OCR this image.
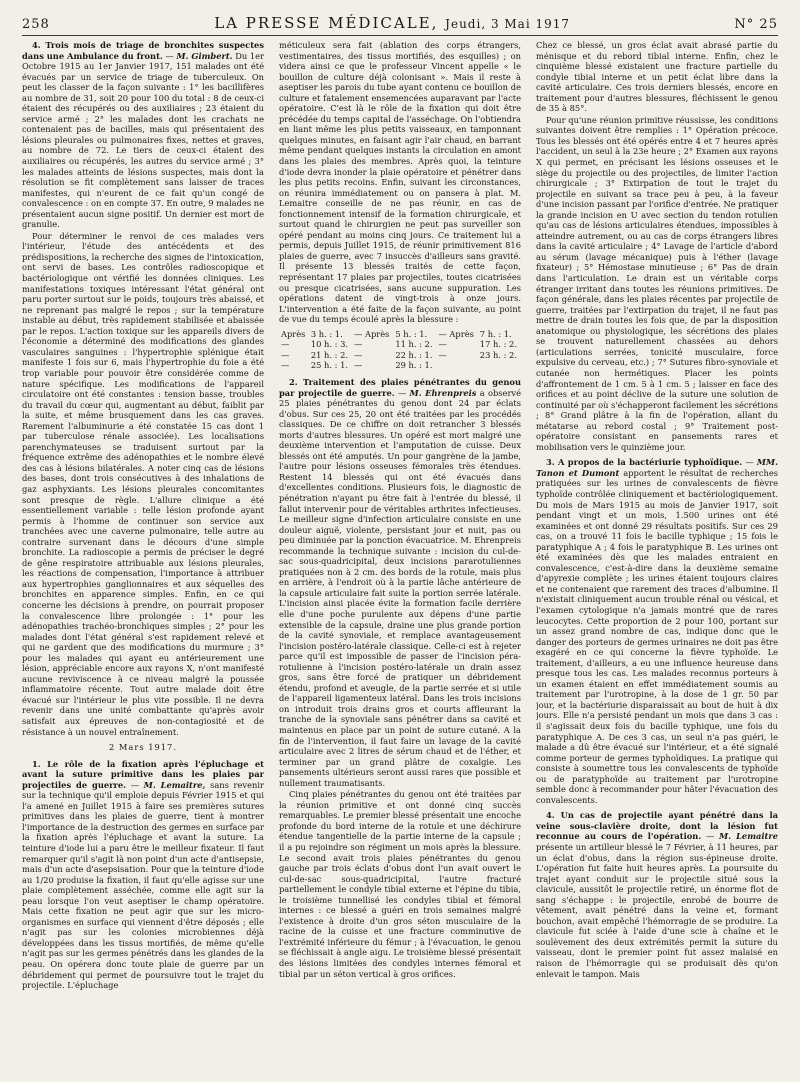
258	LA PRESSE MÉDICALE, Jeudi, 3 Mai 1917	N° 25

4. Trois mois de triage de bronchites suspectes dans une Ambulance du front. — M. Gimbert. Du 1er Octobre 1915 au 1er Janvier 1917, 151 malades ont été évacués par un service de triage de tuberculeux. On peut les classer de la façon suivante : 1° les bacillifères au nombre de 31, soit 20 pour 100 du total : 8 de ceux-ci étaient des récupérés ou des auxiliaires ; 23 étaient du service armé ; 2° les malades dont les crachats ne contenaient pas de bacilles, mais qui présentaient des lésions pleurales ou pulmonaires fixes, nettes et graves, au nombre de 72. Le tiers de ceux-ci étaient des auxiliaires ou récupérés, les autres du service armé ; 3° les malades atteints de lésions suspectes, mais dont la résolution se fit complètement sans laisser de traces manifestes, qui n'eurent de ce fait qu'un congé de convalescence : on en compte 37. En outre, 9 malades ne présentaient aucun signe positif. Un dernier est mort de granulie.

Pour déterminer le renvoi de ces malades vers l'intérieur, l'étude des antécédents et des prédispositions, la recherche des signes de l'intoxication, ont servi de bases. Les contrôles radioscopique et bactériologique ont vérifié les données cliniques. Les manifestations toxiques intéressant l'état général ont paru porter surtout sur le poids, toujours très abaissé, et ne reprenant pas malgré le repos ; sur la température instable au début, très rapidement stabilisée et abaissée par le repos. L'action toxique sur les appareils divers de l'économie a déterminé des modifications des glandes vasculaires sanguines : l'hypertrophie splénique était manifeste 1 fois sur 6, mais l'hypertrophie du foie a été trop variable pour pouvoir être considérée comme de nature spécifique. Les modifications de l'appareil circulatoire ont été constantes : tension basse, troubles du travail du cœur qui, augmentant au début, faiblit par la suite, et même brusquement dans les cas graves. Rarement l'albuminurie a été constatée 15 cas dont 1 par tuberculose rénale associée). Les localisations parenchymateuses se traduisent surtout par la fréquence extrême des adénopathies et le nombre élevé des cas à lésions bilatérales. A noter cinq cas de lésions des bases, dont trois consécutives à des inhalations de gaz asphyxiants. Les lésions pleurales concomitantes sont presque de règle. L'allure clinique a été essentiellement variable : telle lésion profonde ayant permis à l'homme de continuer son service aux tranchées avec une caverne pulmonaire, telle autre au contraire survenant dans le décours d'une simple bronchite. La radioscopie a permis de préciser le degré de gêne respiratoire attribuable aux lésions pleurales, les réactions de compensation, l'importance à attribuer aux hypertrophies ganglionnaires et aux séquelles des bronchites en apparence simples. Enfin, en ce qui concerne les décisions à prendre, on pourrait proposer la convalescence libre prolongée : 1° pour les adénopathies trachéo-bronchiques simples ; 2° pour les malades dont l'état général s'est rapidement relevé et qui ne gardent que des modifications du murmure ; 3° pour les malades qui ayant eu antérieurement une lésion, appréciable encore aux rayons X, n'ont manifesté aucune reviviscence à ce niveau malgré la poussée inflammatoire récente. Tout autre malade doit être évacué sur l'intérieur le plus vite possible. Il ne devra revenir dans une unité combattante qu'après avoir satisfait aux épreuves de non-contagiosité et de résistance à un nouvel entraînement.

2 Mars 1917.

1. Le rôle de la fixation après l'épluchage et avant la suture primitive dans les plaies par projectiles de guerre. — M. Lemaitre, sans revenir sur la technique qu'il emploie depuis Février 1915 et qui l'a amené en Juillet 1915 à faire ses premières sutures primitives dans les plaies de guerre, tient à montrer l'importance de la destruction des germes en surface par la fixation après l'épluchage et avant la suture. La teinture d'iode lui a paru être le meilleur fixateur. Il faut remarquer qu'il s'agit là non point d'un acte d'antisepsie, mais d'un acte d'asepsisation. Pour que la teinture d'iode au 1/20 produise la fixation, il faut qu'elle agisse sur une plaie complètement asséchée, comme elle agit sur la peau lorsque l'on veut aseptiser le champ opératoire. Mais cette fixation ne peut agir que sur les micro-organismes en surface qui viennent d'être déposés ; elle n'agit pas sur les colonies microbiennes déjà développées dans les tissus mortifiés, de même qu'elle n'agit pas sur les germes pénétrés dans les glandes de la peau. On opérera donc toute plaie de guerre par un débridement qui permet de poursuivre tout le trajet du projectile. L'épluchage

méticuleux sera fait (ablation des corps étrangers, vestimentaires, des tissus mortifiés, des esquilles) ; on videra ainsi ce que le professeur Vincent appelle « le bouillon de culture déjà colonisant ». Mais il reste à aseptiser les parois du tube ayant contenu ce bouillon de culture et fatalement ensemencées auparavant par l'acte opératoire. C'est là le rôle de la fixation qui doit être précédée du temps capital de l'asséchage. On l'obtiendra en liant même les plus petits vaisseaux, en tamponnant quelques minutes, en faisant agir l'air chaud, en barrant même pendant quelques instants la circulation en amont dans les plaies des membres. Après quoi, la teinture d'iode devra inonder la plaie opératoire et pénétrer dans les plus petits recoins. Enfin, suivant les circonstances, on réunira immédiatement ou on pansera à plat. M. Lemaitre conseille de ne pas réunir, en cas de fonctionnement intensif de la formation chirurgicale, et surtout quand le chirurgien ne peut pas surveiller son opéré pendant au moins cinq jours. Ce traitement lui a permis, depuis Juillet 1915, de réunir primitivement 816 plaies de guerre, avec 7 insuccès d'ailleurs sans gravité. Il présente 13 blessés traités de cette façon, représentant 17 plaies par projectiles, toutes cicatrisées ou presque cicatrisées, sans aucune suppuration. Les opérations datent de vingt-trois à onze jours. L'intervention a été faite de la façon suivante, au point de vue du temps écoulé après la blessure :

Après	3 h. : 1.	— Après	5 h. : 1.	— Après	7 h. : 1.
—	10 h. : 3.	—	11 h. : 2.	—	17 h. : 2.
—	21 h. : 2.	—	22 h. : 1.	—	23 h. : 2.
—	25 h. : 1.	—	29 h. : 1.		

2. Traitement des plaies pénétrantes du genou par projectile de guerre. — M. Ehrenpreis a observé 25 plaies pénétrantes du genou dont 24 par éclats d'obus. Sur ces 25, 20 ont été traitées par les procédés classiques. De ce chiffre on doit retrancher 3 blessés morts d'autres blessures. Un opéré est mort malgré une deuxième intervention et l'amputation de cuisse. Deux blessés ont été amputés. Un pour gangrène de la jambe, l'autre pour lésions osseuses fémorales très étendues. Restent 14 blessés qui ont été évacués dans d'excellentes conditions. Plusieurs fois, le diagnostic de pénétration n'ayant pu être fait à l'entrée du blessé, il fallut intervenir pour de véritables arthrites infectieuses. Le meilleur signe d'infection articulaire consiste en une douleur aiguë, violente, persistant jour et nuit, pas ou peu diminuée par la ponction évacuatrice. M. Ehrenpreis recommande la technique suivante : incision du cul-de-sac sous-quadricipital, deux incisions pararotuliennes pratiquées non à 2 cm. des bords de la rotule, mais plus en arrière, à l'endroit où à la partie lâche antérieure de la capsule articulaire fait suite la portion serrée latérale. L'incision ainsi placée évite la formation facile derrière elle d'une poche purulente aux dépens d'une partie extensible de la capsule, draine une plus grande portion de la cavité synoviale, et remplace avantageusement l'incision postéro-latérale classique. Celle-ci est à rejeter parce qu'il est impossible de passer de l'incision péra-rotulienne à l'incision postéro-latérale un drain assez gros, sans être forcé de pratiquer un débridement étendu, profond et aveugle, de la partie serrée et si utile de l'appareil ligamenteux latéral. Dans les trois incisions on introduit trois drains gros et courts affleurant la tranche de la synoviale sans pénétrer dans sa cavité et maintenus en place par un point de suture cutané. A la fin de l'intervention, il faut faire un lavage de la cavité articulaire avec 2 litres de sérum chaud et de l'éther, et terminer par un grand plâtre de coxalgie. Les pansements ultérieurs seront aussi rares que possible et nullement traumatisants.

Cinq plaies pénétrantes du genou ont été traitées par la réunion primitive et ont donné cinq succès remarquables. Le premier blessé présentait une encoche profonde du bord interne de la rotule et une déchirure étendue tangentielle de la partie interne de la capsule ; il a pu rejoindre son régiment un mois après la blessure. Le second avait trois plaies pénétrantes du genou gauche par trois éclats d'obus dont l'un avait ouvert le cul-de-sac sous-quadricipital, l'autre fracturé partiellement le condyle tibial externe et l'épine du tibia, le troisième tunnellisé les condyles tibial et fémoral internes : ce blessé a guéri en trois semaines malgré l'existence à droite d'un gros séton musculaire de la racine de la cuisse et une fracture comminutive de l'extrémité inférieure du fémur ; à l'évacuation, le genou se fléchissait à angle aigu. Le troisième blessé présentait des lésions limitées des condyles internes fémoral et tibial par un séton vertical à gros orifices.

Chez ce blessé, un gros éclat avait abrasé partie du ménisque et du rebord tibial interne. Enfin, chez le cinquième blessé existaient une fracture partielle du condyle tibial interne et un petit éclat libre dans la cavité articulaire. Ces trois derniers blessés, encore en traitement pour d'autres blessures, fléchissent le genou de 35 à 85°.

Pour qu'une réunion primitive réussisse, les conditions suivantes doivent être remplies : 1° Opération précoce. Tous les blessés ont été opérés entre 4 et 7 heures après l'accident, un seul à la 23e heure ; 2° Examen aux rayons X qui permet, en précisant les lésions osseuses et le siège du projectile ou des projectiles, de limiter l'action chirurgicale ; 3° Extirpation de tout le trajet du projectile en suivant sa trace peu à peu, à la faveur d'une incision passant par l'orifice d'entrée. Ne pratiquer la grande incision en U avec section du tendon rotulien qu'au cas de lésions articulaires étendues, impossibles à atteindre autrement, ou au cas de corps étrangers libres dans la cavité articulaire ; 4° Lavage de l'article d'abord au sérum (lavage mécanique) puis à l'éther (lavage fixateur) ; 5° Hémostase minutieuse ; 6° Pas de drain dans l'articulation. Le drain est un véritable corps étranger irritant dans toutes les réunions primitives. De façon générale, dans les plaies récentes par projectile de guerre, traitées par l'extirpation du trajet, il ne faut pas mettre de drain toutes les fois que, de par la disposition anatomique ou physiologique, les sécrétions des plaies se trouvent naturellement chassées au dehors (articulations serrées, tonicité musculaire, force expulsive du cerveau, etc.) ; 7° Sutures fibro-synoviale et cutanée non hermétiques. Placer les points d'affrontement de 1 cm. 5 à 1 cm. 5 ; laisser en face des orifices et au point déclive de la suture une solution de continuité par où s'échapperont facilement les sécrétions ; 8° Grand plâtre à la fin de l'opération, allant du métatarse au rebord costal ; 9° Traitement post-opératoire consistant en pansements rares et mobilisation vers le quinzième jour.

3. A propos de la bactériurie typhoïdique. — MM. Tanon et Dumont apportent le résultat de recherches pratiquées sur les urines de convalescents de fièvre typhoïde contrôlée cliniquement et bactériologiquement. Du mois de Mars 1915 au mois de Janvier 1917, soit pendant vingt et un mois, 1.500 urines ont été examinées et ont donné 29 résultats positifs. Sur ces 29 cas, on a trouvé 11 fois le bacille typhique ; 15 fois le paratyphique A ; 4 fois le paratyphique B. Les urines ont été examinées dès que les malades entraient en convalescence, c'est-à-dire dans la deuxième semaine d'apyrexie complète ; les urines étaient toujours claires et ne contenaient que rarement des traces d'albumine. Il n'existait cliniquement aucun trouble rénal ou vésical, et l'examen cytologique n'a jamais montré que de rares leucocytes. Cette proportion de 2 pour 100, portant sur un assez grand nombre de cas, indique donc que le danger des porteurs de germes urinaires ne doit pas être exagéré en ce qui concerne la fièvre typhoïde. Le traitement, d'ailleurs, a eu une influence heureuse dans presque tous les cas. Les malades reconnus porteurs à un examen étaient en effet immédiatement soumis au traitement par l'urotropine, à la dose de 1 gr. 50 par jour, et la bactériurie disparaissait au bout de huit à dix jours. Elle n'a persisté pendant un mois que dans 3 cas : il s'agissait deux fois du bacille typhique, une fois du paratyphique A. De ces 3 cas, un seul n'a pas guéri, le malade a dû être évacué sur l'intérieur, et a été signalé comme porteur de germes typhoïdiques. La pratique qui consiste à soumettre tous les convalescents de typhoïde ou de paratyphoïde au traitement par l'urotropine semble donc à recommander pour hâter l'évacuation des convalescents.

4. Un cas de projectile ayant pénétré dans la veine sous-clavière droite, dont la lésion fut reconnue au cours de l'opération. — M. Lemaitre présente un artilleur blessé le 7 Février, à 11 heures, par un éclat d'obus, dans la région sus-épineuse droite. L'opération fut faite huit heures après. La poursuite du trajet ayant conduit sur le projectile situé sous la clavicule, aussitôt le projectile retiré, un énorme flot de sang s'échappe : le projectile, enrobé de bourre de vêtement, avait pénétré dans la veine et, formant bouchon, avait empêché l'hémorragie de se produire. La clavicule fut sciée à l'aide d'une scie à chaîne et le soulèvement des deux extrémités permit la suture du vaisseau, dont le premier point fut assez malaisé en raison de l'hémorragie qui se produisait dès qu'on enlevait le tampon. Mais
